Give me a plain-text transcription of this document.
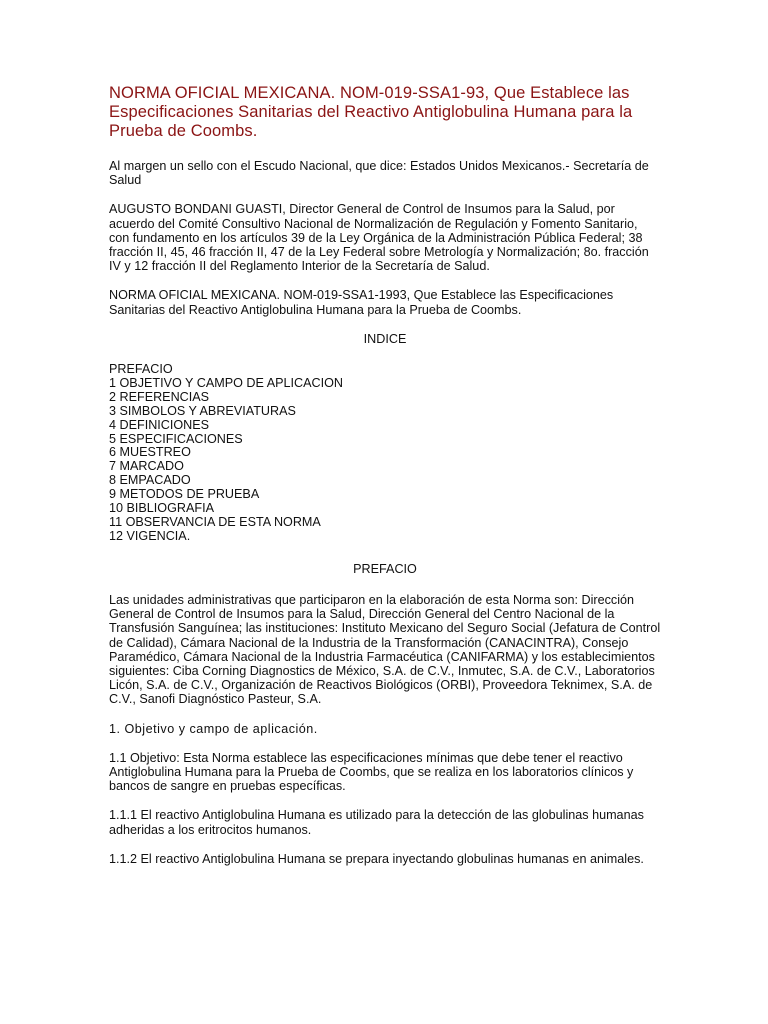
NORMA OFICIAL MEXICANA. NOM-019-SSA1-93, Que Establece las Especificaciones Sanitarias del Reactivo Antiglobulina Humana para la Prueba de Coombs.

Al margen un sello con el Escudo Nacional, que dice: Estados Unidos Mexicanos.- Secretaría de Salud

AUGUSTO BONDANI GUASTI, Director General de Control de Insumos para la Salud, por acuerdo del Comité Consultivo Nacional de Normalización de Regulación y Fomento Sanitario, con fundamento en los artículos 39 de la Ley Orgánica de la Administración Pública Federal; 38 fracción II, 45, 46 fracción II, 47 de la Ley Federal sobre Metrología y Normalización; 8o. fracción IV y 12 fracción II del Reglamento Interior de la Secretaría de Salud.

NORMA OFICIAL MEXICANA. NOM-019-SSA1-1993, Que Establece las Especificaciones Sanitarias del Reactivo Antiglobulina Humana para la Prueba de Coombs.

INDICE

PREFACIO
1 OBJETIVO Y CAMPO DE APLICACION
2 REFERENCIAS
3 SIMBOLOS Y ABREVIATURAS
4 DEFINICIONES
5 ESPECIFICACIONES
6 MUESTREO
7 MARCADO
8 EMPACADO
9 METODOS DE PRUEBA
10 BIBLIOGRAFIA
11 OBSERVANCIA DE ESTA NORMA
12 VIGENCIA.

PREFACIO

Las unidades administrativas que participaron en la elaboración de esta Norma son: Dirección General de Control de Insumos para la Salud, Dirección General del Centro Nacional de la Transfusión Sanguínea; las instituciones: Instituto Mexicano del Seguro Social (Jefatura de Control de Calidad), Cámara Nacional de la Industria de la Transformación (CANACINTRA), Consejo Paramédico, Cámara Nacional de la Industria Farmacéutica (CANIFARMA) y los establecimientos siguientes: Ciba Corning Diagnostics de México, S.A. de C.V., Inmutec, S.A. de C.V., Laboratorios Licón, S.A. de C.V., Organización de Reactivos Biológicos (ORBI), Proveedora Teknimex, S.A. de C.V., Sanofi Diagnóstico Pasteur, S.A.

1. Objetivo y campo de aplicación.

1.1 Objetivo: Esta Norma establece las especificaciones mínimas que debe tener el reactivo Antiglobulina Humana para la Prueba de Coombs, que se realiza en los laboratorios clínicos y bancos de sangre en pruebas específicas.

1.1.1 El reactivo Antiglobulina Humana es utilizado para la detección de las globulinas humanas adheridas a los eritrocitos humanos.

1.1.2 El reactivo Antiglobulina Humana se prepara inyectando globulinas humanas en animales.
